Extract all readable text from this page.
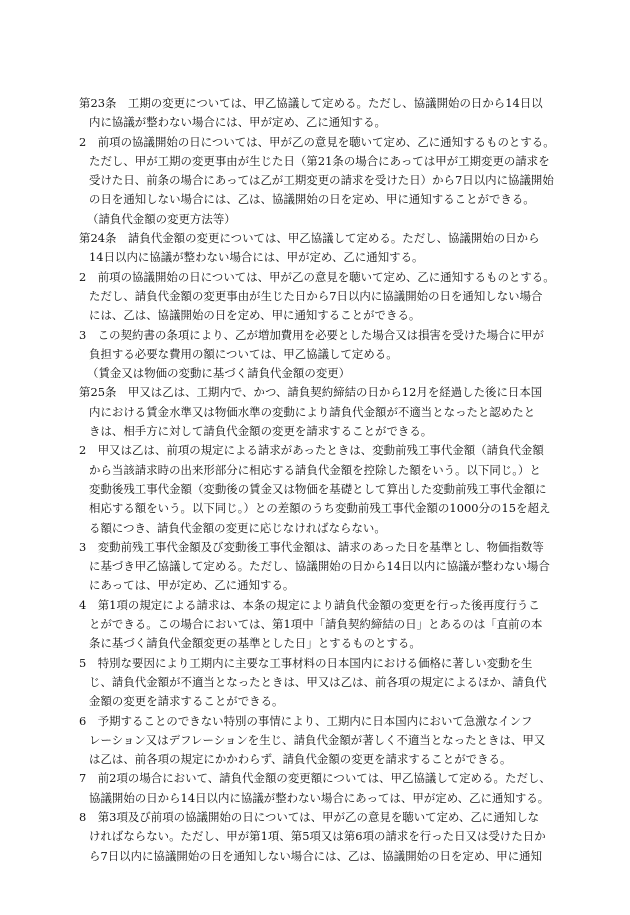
第23条　工期の変更については、甲乙協議して定める。ただし、協議開始の日から14日以
内に協議が整わない場合には、甲が定め、乙に通知する。
2　前項の協議開始の日については、甲が乙の意見を聴いて定め、乙に通知するものとする。
ただし、甲が工期の変更事由が生じた日（第21条の場合にあっては甲が工期変更の請求を
受けた日、前条の場合にあっては乙が工期変更の請求を受けた日）から7日以内に協議開始
の日を通知しない場合には、乙は、協議開始の日を定め、甲に通知することができる。
（請負代金額の変更方法等）
第24条　請負代金額の変更については、甲乙協議して定める。ただし、協議開始の日から
14日以内に協議が整わない場合には、甲が定め、乙に通知する。
2　前項の協議開始の日については、甲が乙の意見を聴いて定め、乙に通知するものとする。
ただし、請負代金額の変更事由が生じた日から7日以内に協議開始の日を通知しない場合
には、乙は、協議開始の日を定め、甲に通知することができる。
3　この契約書の条項により、乙が増加費用を必要とした場合又は損害を受けた場合に甲が
負担する必要な費用の額については、甲乙協議して定める。
（賃金又は物価の変動に基づく請負代金額の変更）
第25条　甲又は乙は、工期内で、かつ、請負契約締結の日から12月を経過した後に日本国
内における賃金水準又は物価水準の変動により請負代金額が不適当となったと認めたと
きは、相手方に対して請負代金額の変更を請求することができる。
2　甲又は乙は、前項の規定による請求があったときは、変動前残工事代金額（請負代金額
から当該請求時の出来形部分に相応する請負代金額を控除した額をいう。以下同じ。）と
変動後残工事代金額（変動後の賃金又は物価を基礎として算出した変動前残工事代金額に
相応する額をいう。以下同じ。）との差額のうち変動前残工事代金額の1000分の15を超え
る額につき、請負代金額の変更に応じなければならない。
3　変動前残工事代金額及び変動後工事代金額は、請求のあった日を基準とし、物価指数等
に基づき甲乙協議して定める。ただし、協議開始の日から14日以内に協議が整わない場合
にあっては、甲が定め、乙に通知する。
4　第1項の規定による請求は、本条の規定により請負代金額の変更を行った後再度行うこ
とができる。この場合においては、第1項中「請負契約締結の日」とあるのは「直前の本
条に基づく請負代金額変更の基準とした日」とするものとする。
5　特別な要因により工期内に主要な工事材料の日本国内における価格に著しい変動を生
じ、請負代金額が不適当となったときは、甲又は乙は、前各項の規定によるほか、請負代
金額の変更を請求することができる。
6　予期することのできない特別の事情により、工期内に日本国内において急激なインフ
レーション又はデフレーションを生じ、請負代金額が著しく不適当となったときは、甲又
は乙は、前各項の規定にかかわらず、請負代金額の変更を請求することができる。
7　前2項の場合において、請負代金額の変更額については、甲乙協議して定める。ただし、
協議開始の日から14日以内に協議が整わない場合にあっては、甲が定め、乙に通知する。
8　第3項及び前項の協議開始の日については、甲が乙の意見を聴いて定め、乙に通知しな
ければならない。ただし、甲が第1項、第5項又は第6項の請求を行った日又は受けた日か
ら7日以内に協議開始の日を通知しない場合には、乙は、協議開始の日を定め、甲に通知
